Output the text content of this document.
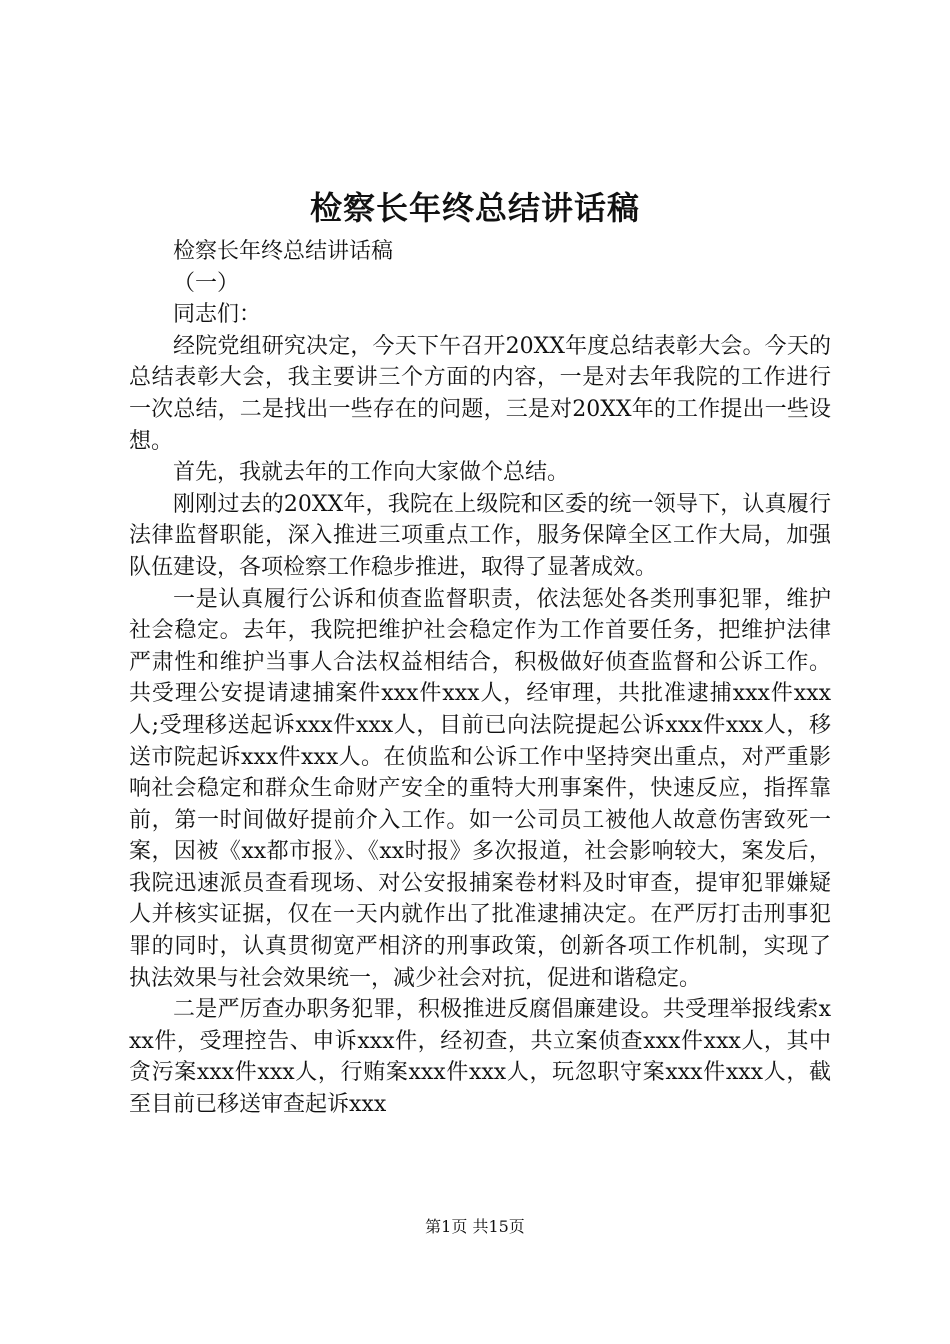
检察长年终总结讲话稿

检察长年终总结讲话稿

（一）

同志们：

经院党组研究决定，今天下午召开20XX年度总结表彰大会。今天的总结表彰大会，我主要讲三个方面的内容，一是对去年我院的工作进行一次总结，二是找出一些存在的问题，三是对20XX年的工作提出一些设想。

首先，我就去年的工作向大家做个总结。

刚刚过去的20XX年，我院在上级院和区委的统一领导下，认真履行法律监督职能，深入推进三项重点工作，服务保障全区工作大局，加强队伍建设，各项检察工作稳步推进，取得了显著成效。

一是认真履行公诉和侦查监督职责，依法惩处各类刑事犯罪，维护社会稳定。去年，我院把维护社会稳定作为工作首要任务，把维护法律严肃性和维护当事人合法权益相结合，积极做好侦查监督和公诉工作。共受理公安提请逮捕案件xxx件xxx人，经审理，共批准逮捕xxx件xxx人;受理移送起诉xxx件xxx人，目前已向法院提起公诉xxx件xxx人，移送市院起诉xxx件xxx人。在侦监和公诉工作中坚持突出重点，对严重影响社会稳定和群众生命财产安全的重特大刑事案件，快速反应，指挥靠前，第一时间做好提前介入工作。如一公司员工被他人故意伤害致死一案，因被《xx都市报》、《xx时报》多次报道，社会影响较大，案发后，我院迅速派员查看现场、对公安报捕案卷材料及时审查，提审犯罪嫌疑人并核实证据，仅在一天内就作出了批准逮捕决定。在严厉打击刑事犯罪的同时，认真贯彻宽严相济的刑事政策，创新各项工作机制，实现了执法效果与社会效果统一，减少社会对抗，促进和谐稳定。

二是严厉查办职务犯罪，积极推进反腐倡廉建设。共受理举报线索xxx件，受理控告、申诉xxx件，经初查，共立案侦查xxx件xxx人，其中贪污案xxx件xxx人，行贿案xxx件xxx人，玩忽职守案xxx件xxx人，截至目前已移送审查起诉xxx

第1页 共15页
